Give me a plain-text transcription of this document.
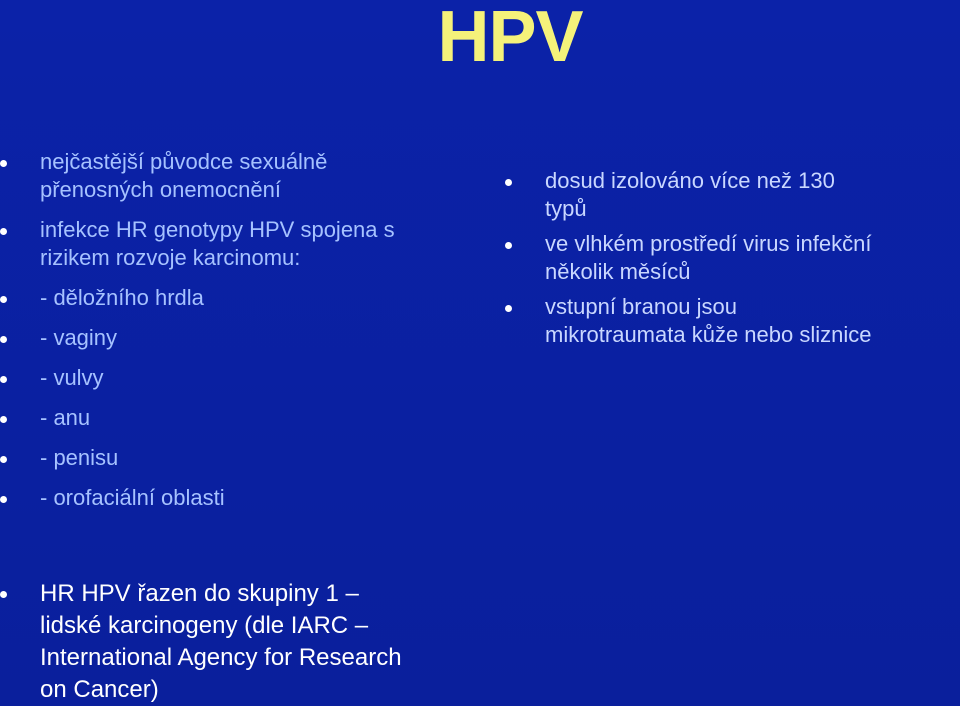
HPV
nejčastější původce sexuálně přenosných onemocnění
infekce HR genotypy HPV spojena s rizikem rozvoje karcinomu:
- děložního hrdla
- vaginy
- vulvy
- anu
- penisu
- orofaciální oblasti
dosud izolováno více než 130
typů
ve vlhkém prostředí virus infekční
několik měsíců
vstupní branou jsou
mikrotraumata kůže nebo sliznice
HR HPV řazen do skupiny 1 –
lidské karcinogeny (dle IARC –
International Agency for Research
on Cancer)
